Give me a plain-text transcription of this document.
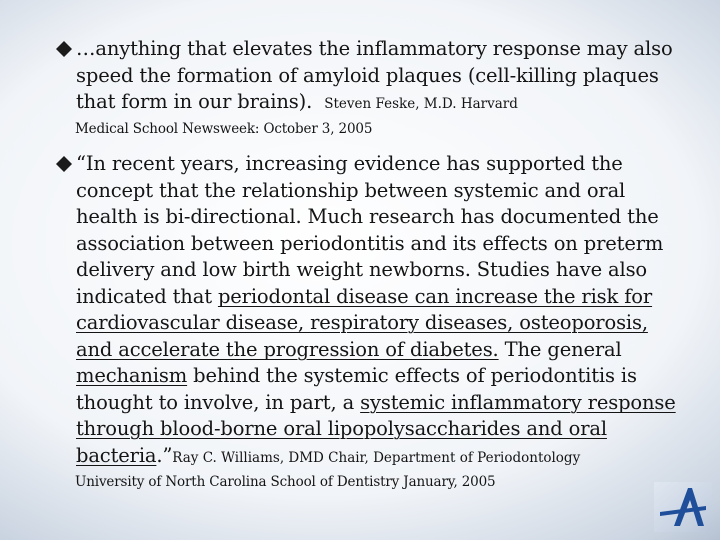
…anything that elevates the inflammatory response may also speed the formation of amyloid plaques (cell-killing plaques that form in our brains). Steven Feske, M.D. Harvard
Medical School Newsweek: October 3, 2005
“In recent years, increasing evidence has supported the concept that the relationship between systemic and oral health is bi-directional. Much research has documented the association between periodontitis and its effects on preterm delivery and low birth weight newborns. Studies have also indicated that periodontal disease can increase the risk for cardiovascular disease, respiratory diseases, osteoporosis, and accelerate the progression of diabetes. The general mechanism behind the systemic effects of periodontitis is thought to involve, in part, a systemic inflammatory response through blood-borne oral lipopolysaccharides and oral bacteria.”Ray C. Williams, DMD Chair, Department of Periodontology
University of North Carolina School of Dentistry January, 2005
